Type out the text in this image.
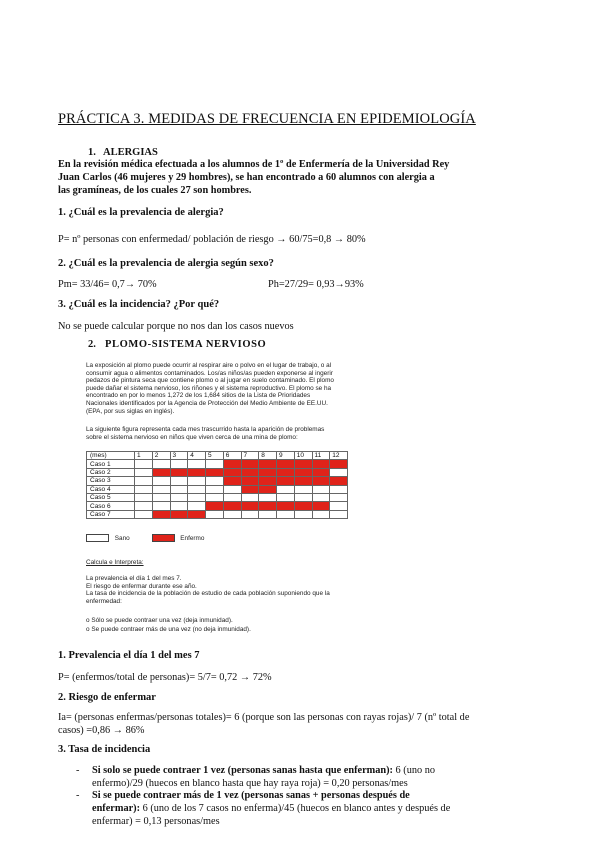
PRÁCTICA 3. MEDIDAS DE FRECUENCIA EN EPIDEMIOLOGÍA
1. ALERGIAS
En la revisión médica efectuada a los alumnos de 1º de Enfermería de la Universidad Rey
Juan Carlos (46 mujeres y 29 hombres), se han encontrado a 60 alumnos con alergia a
las gramíneas, de los cuales 27 son hombres.
1. ¿Cuál es la prevalencia de alergia?
P= nº personas con enfermedad/ población de riesgo → 60/75=0,8 → 80%
2. ¿Cuál es la prevalencia de alergia según sexo?
Pm= 33/46= 0,7→ 70%	Ph=27/29= 0,93→93%
3. ¿Cuál es la incidencia? ¿Por qué?
No se puede calcular porque no nos dan los casos nuevos
2. PLOMO-SISTEMA NERVIOSO
La exposición al plomo puede ocurrir al respirar aire o polvo en el lugar de trabajo, o al
consumir agua o alimentos contaminados. Los/as niños/as pueden exponerse al ingerir
pedazos de pintura seca que contiene plomo o al jugar en suelo contaminado. El plomo
puede dañar el sistema nervioso, los riñones y el sistema reproductivo. El plomo se ha
encontrado en por lo menos 1,272 de los 1,684 sitios de la Lista de Prioridades
Nacionales identificados por la Agencia de Protección del Medio Ambiente de EE.UU.
(EPA, por sus siglas en inglés).
La siguiente figura representa cada mes trascurrido hasta la aparición de problemas
sobre el sistema nervioso en niños que viven cerca de una mina de plomo:
(mes)	1	2	3	4	5	6	7	8	9	10	11	12
Caso 1												
Caso 2												
Caso 3												
Caso 4												
Caso 5												
Caso 6												
Caso 7												
Sano	Enfermo
Calcula e Interpreta:
La prevalencia el día 1 del mes 7.
El riesgo de enfermar durante ese año.
La tasa de incidencia de la población de estudio de cada población suponiendo que la
enfermedad:
o Sólo se puede contraer una vez (deja inmunidad).
o Se puede contraer más de una vez (no deja inmunidad).
1. Prevalencia el día 1 del mes 7
P= (enfermos/total de personas)= 5/7= 0,72 → 72%
2. Riesgo de enfermar
Ia= (personas enfermas/personas totales)= 6 (porque son las personas con rayas rojas)/ 7 (nº total de
casos) =0,86 → 86%
3. Tasa de incidencia
- Si solo se puede contraer 1 vez (personas sanas hasta que enferman): 6 (uno no
enfermo)/29 (huecos en blanco hasta que hay raya roja) = 0,20 personas/mes
- Si se puede contraer más de 1 vez (personas sanas + personas después de
enfermar): 6 (uno de los 7 casos no enferma)/45 (huecos en blanco antes y después de
enfermar) = 0,13 personas/mes
